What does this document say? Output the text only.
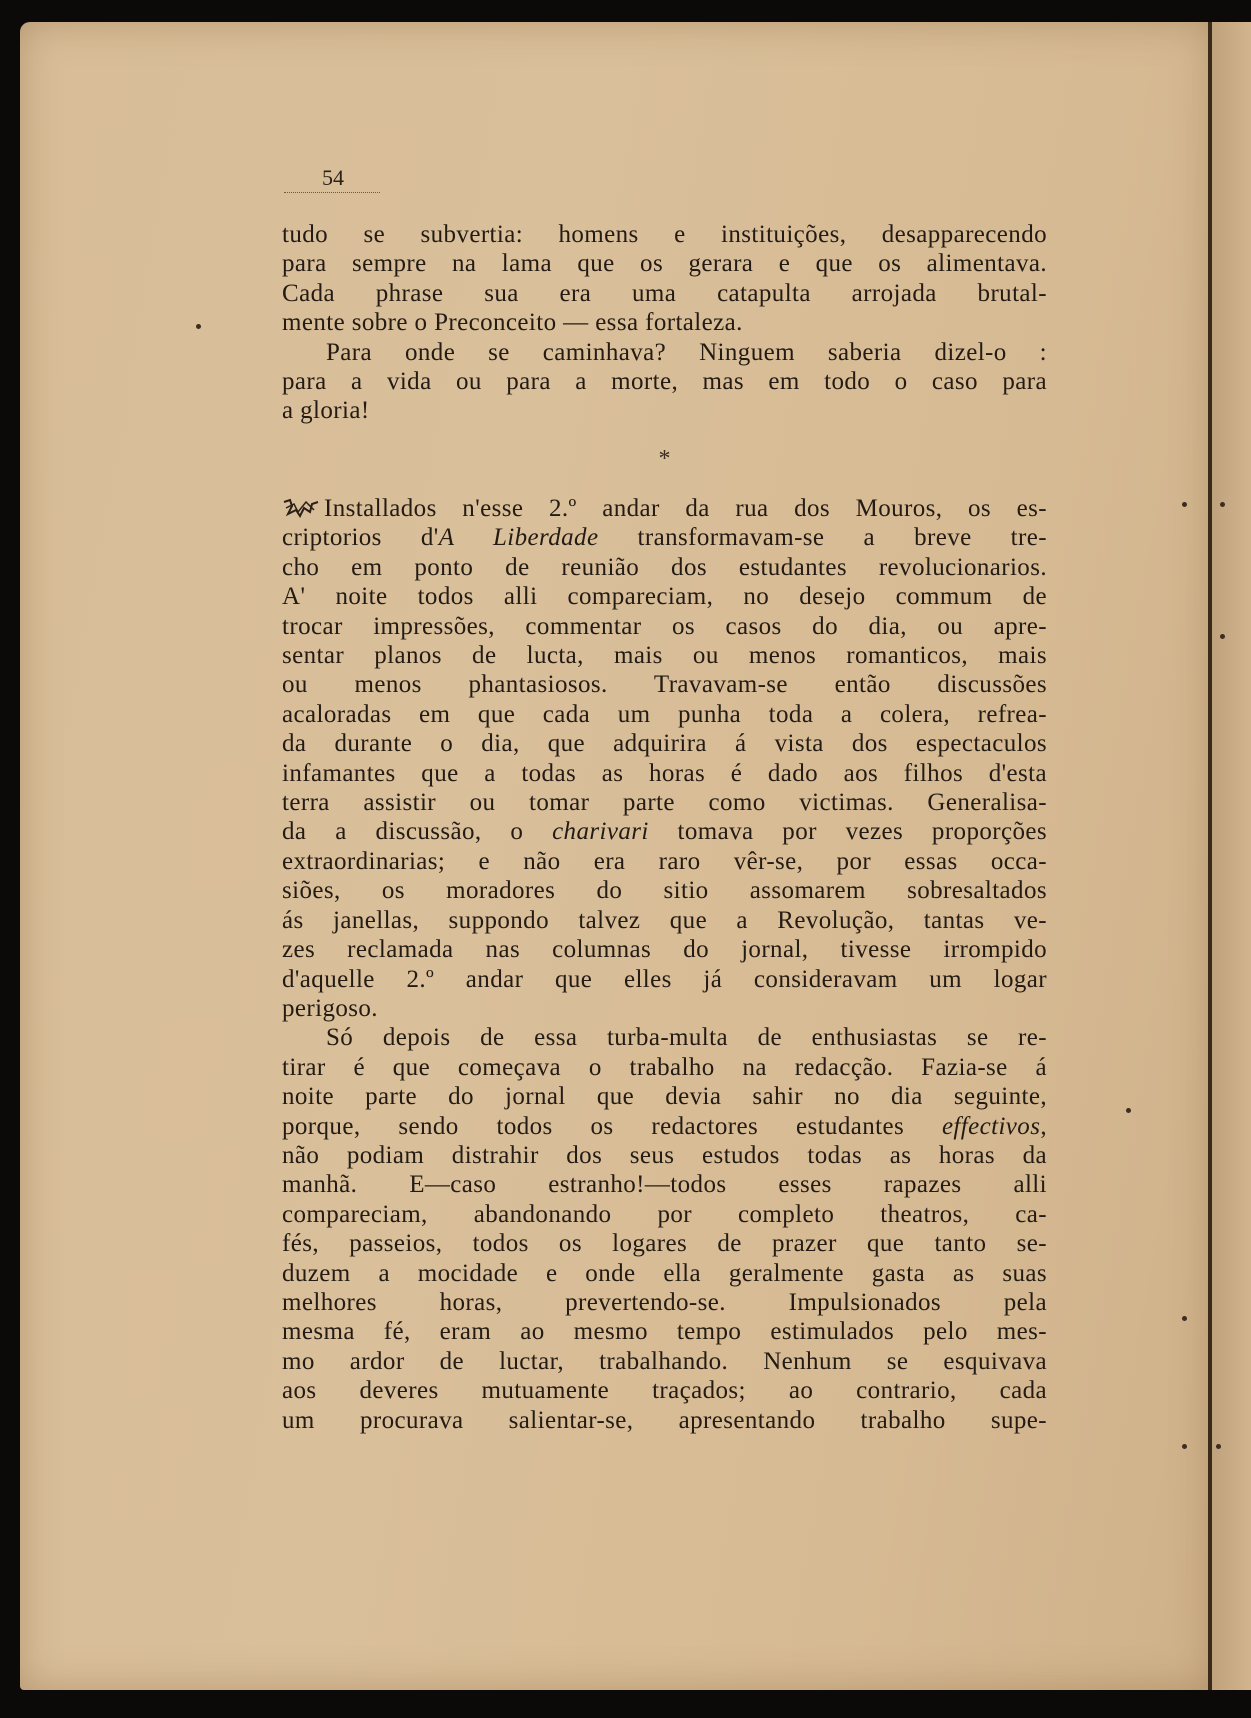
54

tudo se subvertia: homens e instituições, desapparecendo

para sempre na lama que os gerara e que os alimentava.

Cada phrase sua era uma catapulta arrojada brutal-

mente sobre o Preconceito — essa fortaleza.

Para onde se caminhava? Ninguem saberia dizel-o :

para a vida ou para a morte, mas em todo o caso para

a gloria!

*

Installados n'esse 2.º andar da rua dos Mouros, os es-

criptorios d'A Liberdade transformavam-se a breve tre-

cho em ponto de reunião dos estudantes revolucionarios.

A' noite todos alli compareciam, no desejo commum de

trocar impressões, commentar os casos do dia, ou apre-

sentar planos de lucta, mais ou menos romanticos, mais

ou menos phantasiosos. Travavam-se então discussões

acaloradas em que cada um punha toda a colera, refrea-

da durante o dia, que adquirira á vista dos espectaculos

infamantes que a todas as horas é dado aos filhos d'esta

terra assistir ou tomar parte como victimas. Generalisa-

da a discussão, o charivari tomava por vezes proporções

extraordinarias; e não era raro vêr-se, por essas occa-

siões, os moradores do sitio assomarem sobresaltados

ás janellas, suppondo talvez que a Revolução, tantas ve-

zes reclamada nas columnas do jornal, tivesse irrompido

d'aquelle 2.º andar que elles já consideravam um logar

perigoso.

Só depois de essa turba-multa de enthusiastas se re-

tirar é que começava o trabalho na redacção. Fazia-se á

noite parte do jornal que devia sahir no dia seguinte,

porque, sendo todos os redactores estudantes effectivos,

não podiam distrahir dos seus estudos todas as horas da

manhã. E—caso estranho!—todos esses rapazes alli

compareciam, abandonando por completo theatros, ca-

fés, passeios, todos os logares de prazer que tanto se-

duzem a mocidade e onde ella geralmente gasta as suas

melhores horas, prevertendo-se. Impulsionados pela

mesma fé, eram ao mesmo tempo estimulados pelo mes-

mo ardor de luctar, trabalhando. Nenhum se esquivava

aos deveres mutuamente traçados; ao contrario, cada

um procurava salientar-se, apresentando trabalho supe-
